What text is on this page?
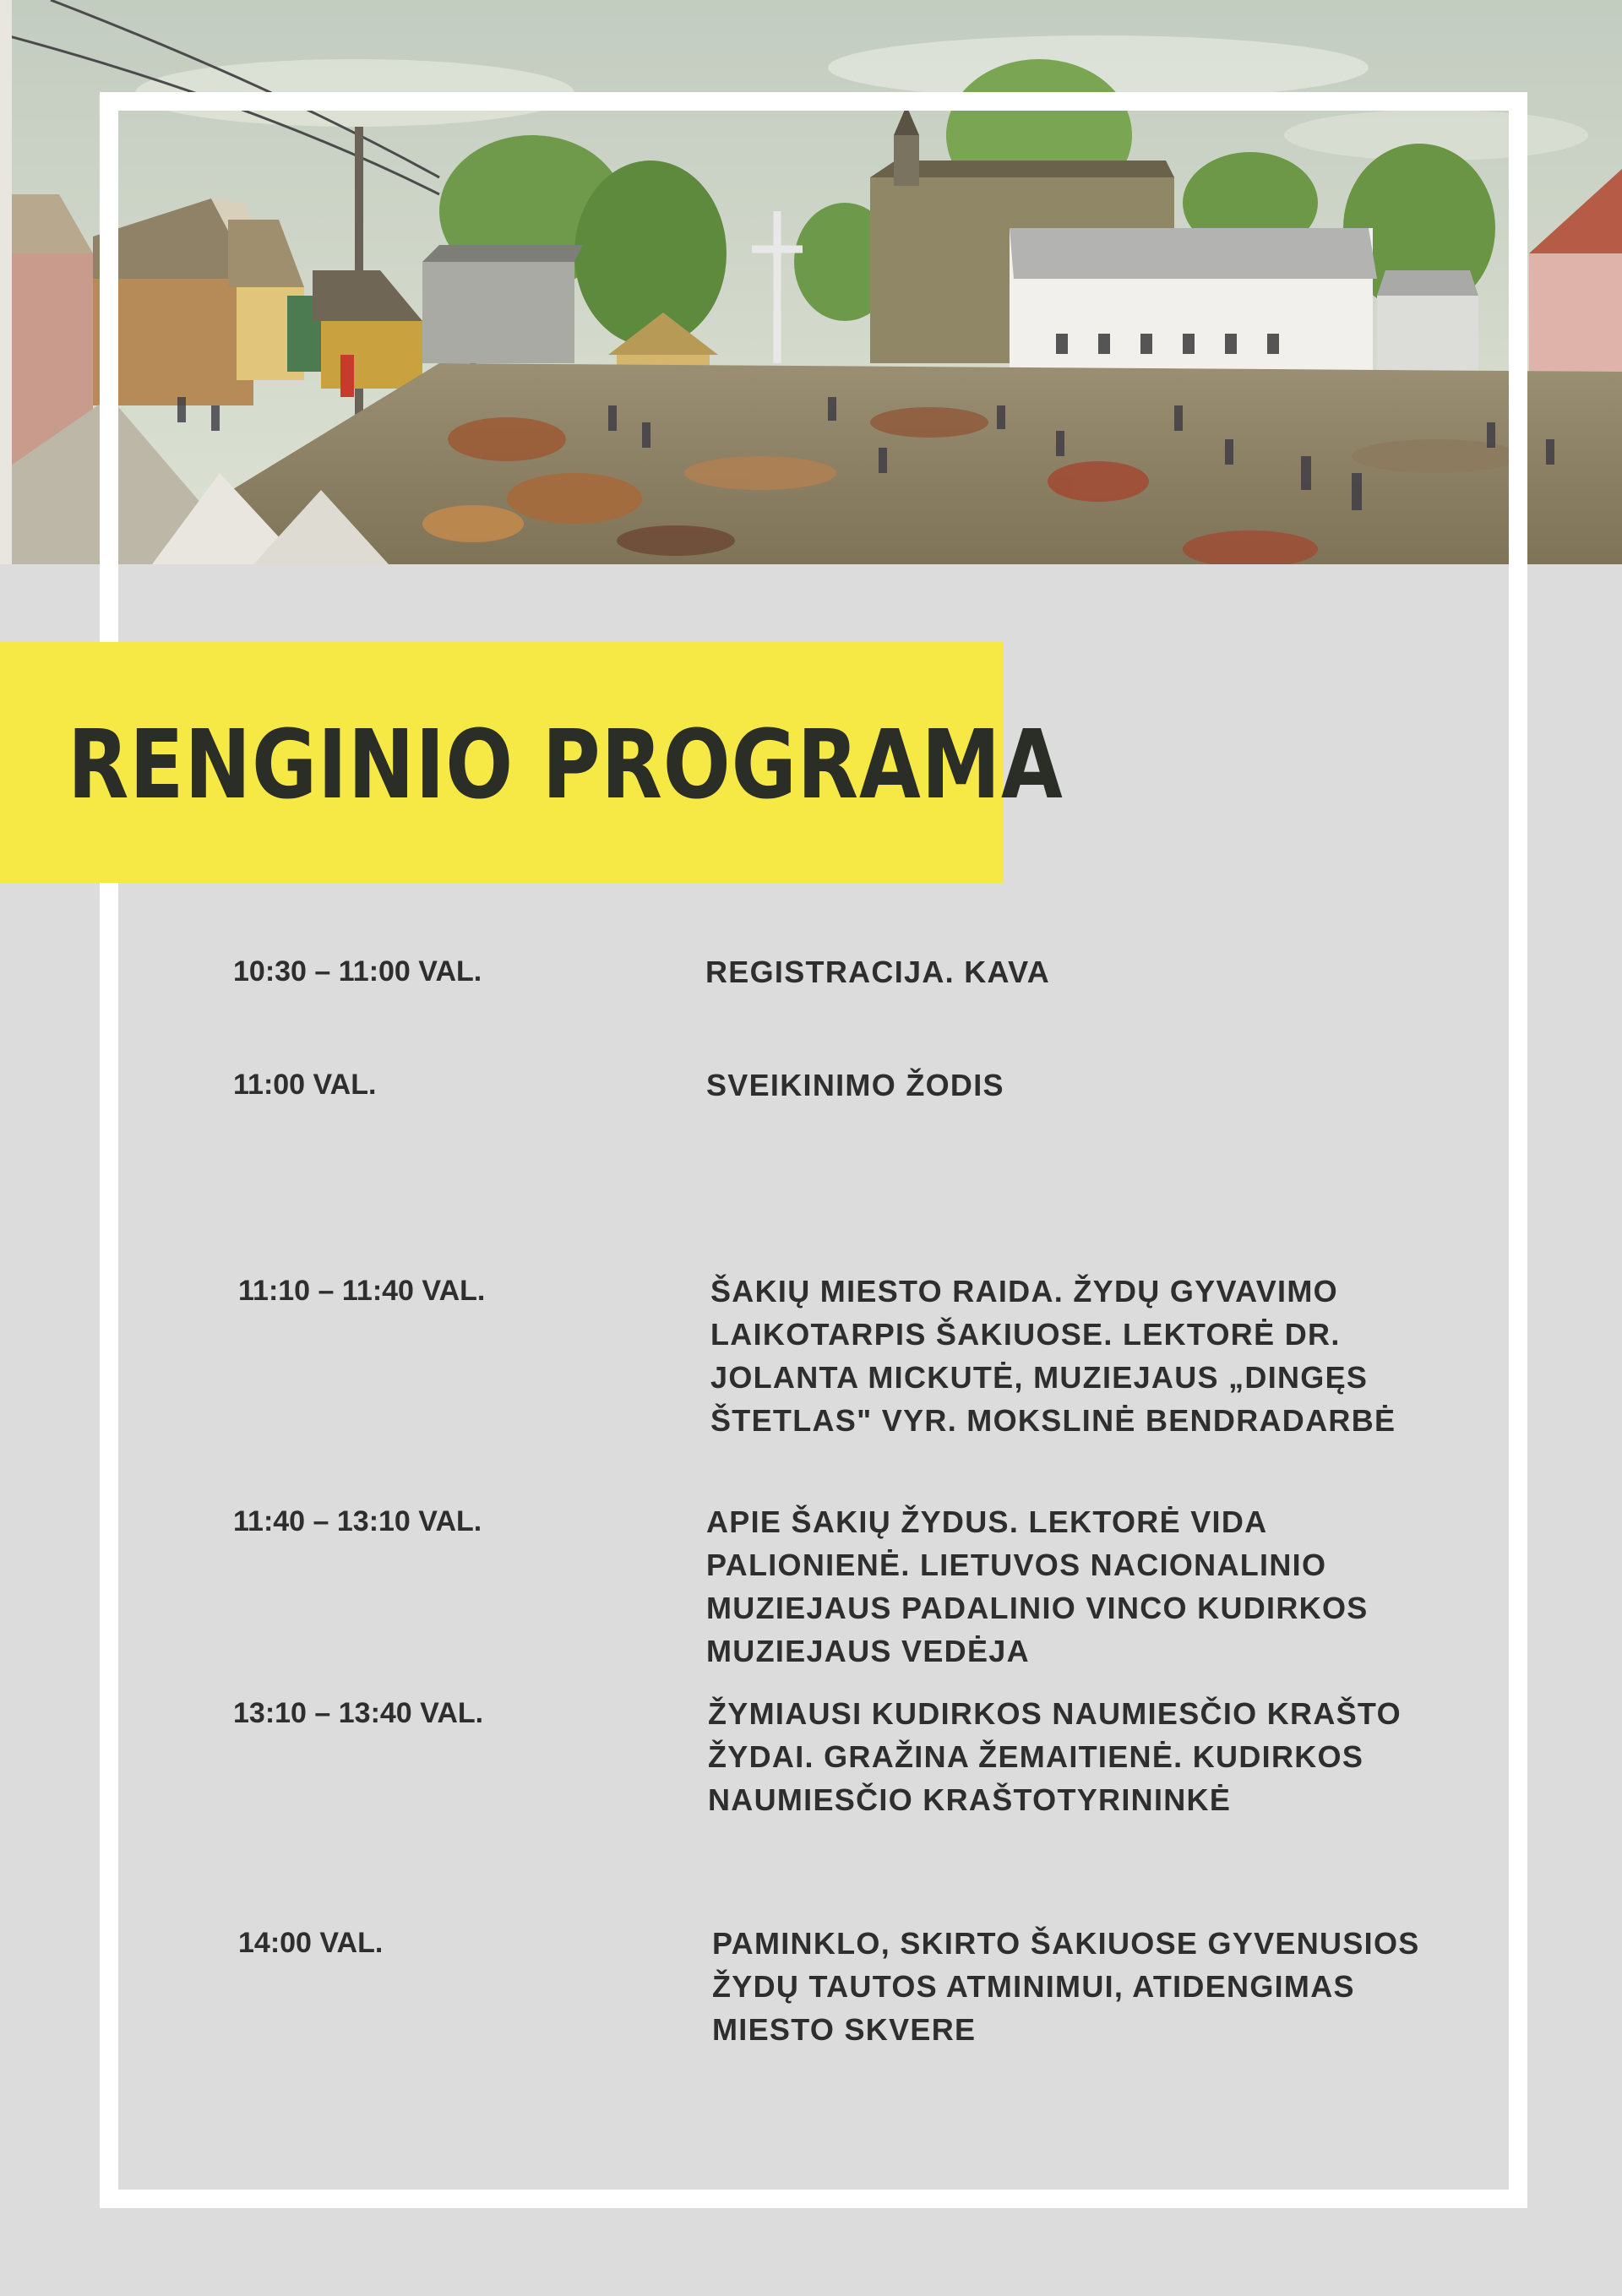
RENGINIO PROGRAMA
10:30 – 11:00 VAL.	REGISTRACIJA. KAVA
11:00 VAL.	SVEIKINIMO ŽODIS
11:10 – 11:40 VAL.	ŠAKIŲ MIESTO RAIDA. ŽYDŲ GYVAVIMO
LAIKOTARPIS ŠAKIUOSE. LEKTORĖ DR.
JOLANTA MICKUTĖ, MUZIEJAUS „DINGĘS
ŠTETLAS" VYR. MOKSLINĖ BENDRADARBĖ
11:40 – 13:10 VAL.	APIE ŠAKIŲ ŽYDUS. LEKTORĖ VIDA
PALIONIENĖ. LIETUVOS NACIONALINIO
MUZIEJAUS PADALINIO VINCO KUDIRKOS
MUZIEJAUS VEDĖJA
13:10 – 13:40 VAL.	ŽYMIAUSI KUDIRKOS NAUMIESČIO KRAŠTO
ŽYDAI. GRAŽINA ŽEMAITIENĖ. KUDIRKOS
NAUMIESČIO KRAŠTOTYRININKĖ
14:00 VAL.	PAMINKLO, SKIRTO ŠAKIUOSE GYVENUSIOS
ŽYDŲ TAUTOS ATMINIMUI, ATIDENGIMAS
MIESTO SKVERE
